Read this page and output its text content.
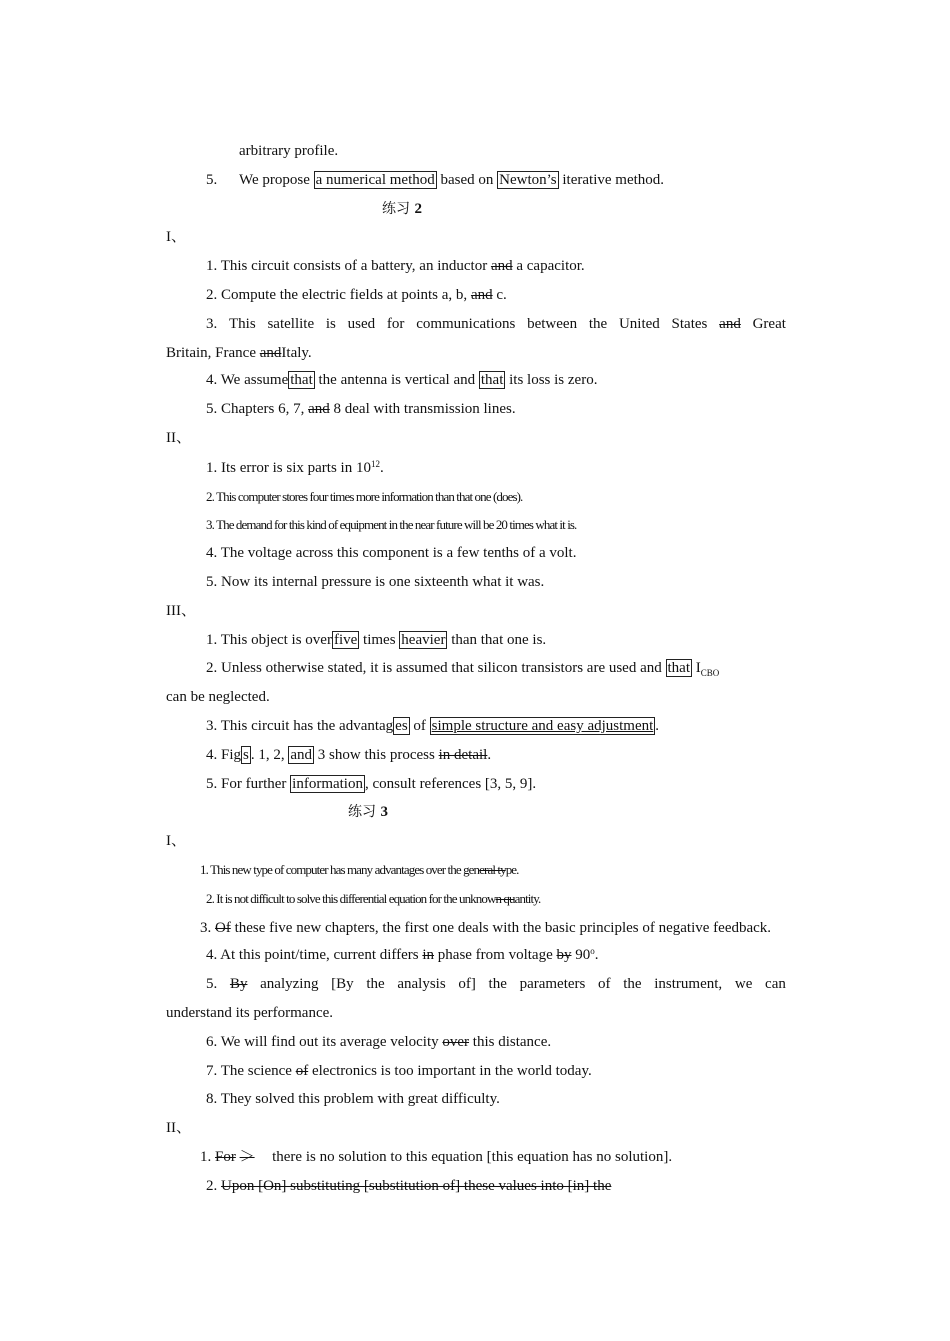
arbitrary profile.
5. We propose a numerical method based on Newton’s iterative method.
练习 2
I、
1. This circuit consists of a battery, an inductor and a capacitor.
2. Compute the electric fields at points a, b, and c.
3. This satellite is used for communications between the United States and Great
Britain, France andItaly.
4. We assume that the antenna is vertical and that its loss is zero.
5. Chapters 6, 7, and 8 deal with transmission lines.
II、
1. Its error is six parts in $10^{12}$.
2. This computer stores four times more information than that one (does).
3. The demand for this kind of equipment in the near future will be 20 times what it is.
4. The voltage across this component is a few tenths of a volt.
5. Now its internal pressure is one sixteenth what it was.
III、
1. This object is over five times heavier than that one is.
2. Unless otherwise stated, it is assumed that silicon transistors are used and that $I_{CBO}$
can be neglected.
3. This circuit has the advantag es of simple structure and easy adjustment .
4. Fig s . 1, 2, and 3 show this process in detail.
5. For further information , consult references [3, 5, 9].
练习 3
I、
1. This new type of computer has many advantages over the general type.
2. It is not difficult to solve this differential equation for the unknown quantity.
3. Of these five new chapters, the first one deals with the basic principles of negative feedback.
4. At this point/time, current differs in phase from voltage by 90$^o$.
5. By analyzing [By the analysis of] the parameters of the instrument, we can
understand its performance.
6. We will find out its average velocity over this distance.
7. The science of electronics is too important in the world today.
8. They solved this problem with great difficulty.
II、
1. For ＞ there is no solution to this equation [this equation has no solution].
2. Upon [On] substituting [substitution of] these values into [in] the
